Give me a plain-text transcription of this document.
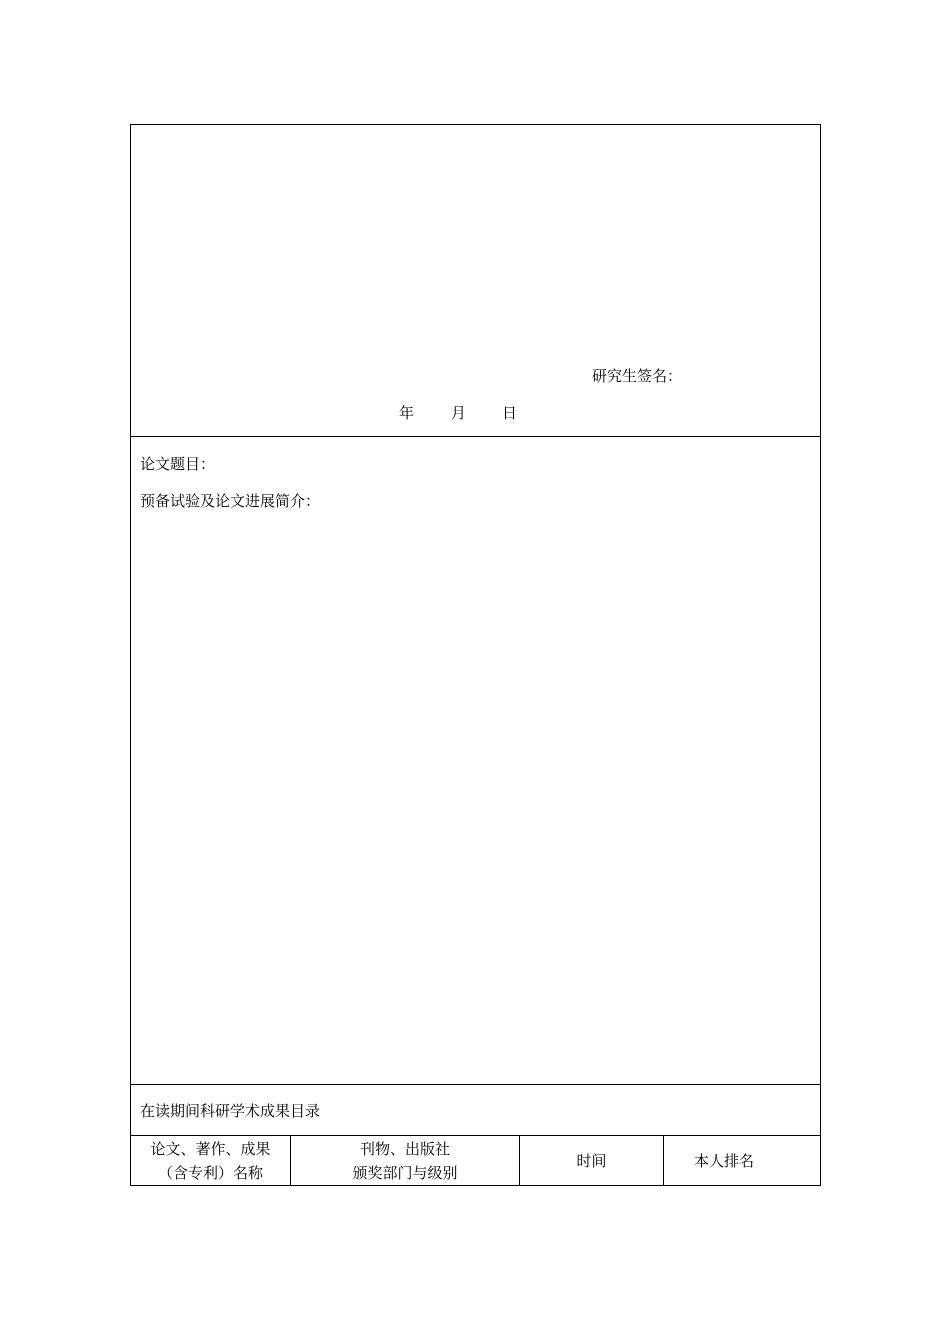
研究生签名：
年 月 日
论文题目：
预备试验及论文进展简介：
在读期间科研学术成果目录
论文、著作、成果
（含专利）名称
刊物、出版社
颁奖部门与级别
时间	本人排名
